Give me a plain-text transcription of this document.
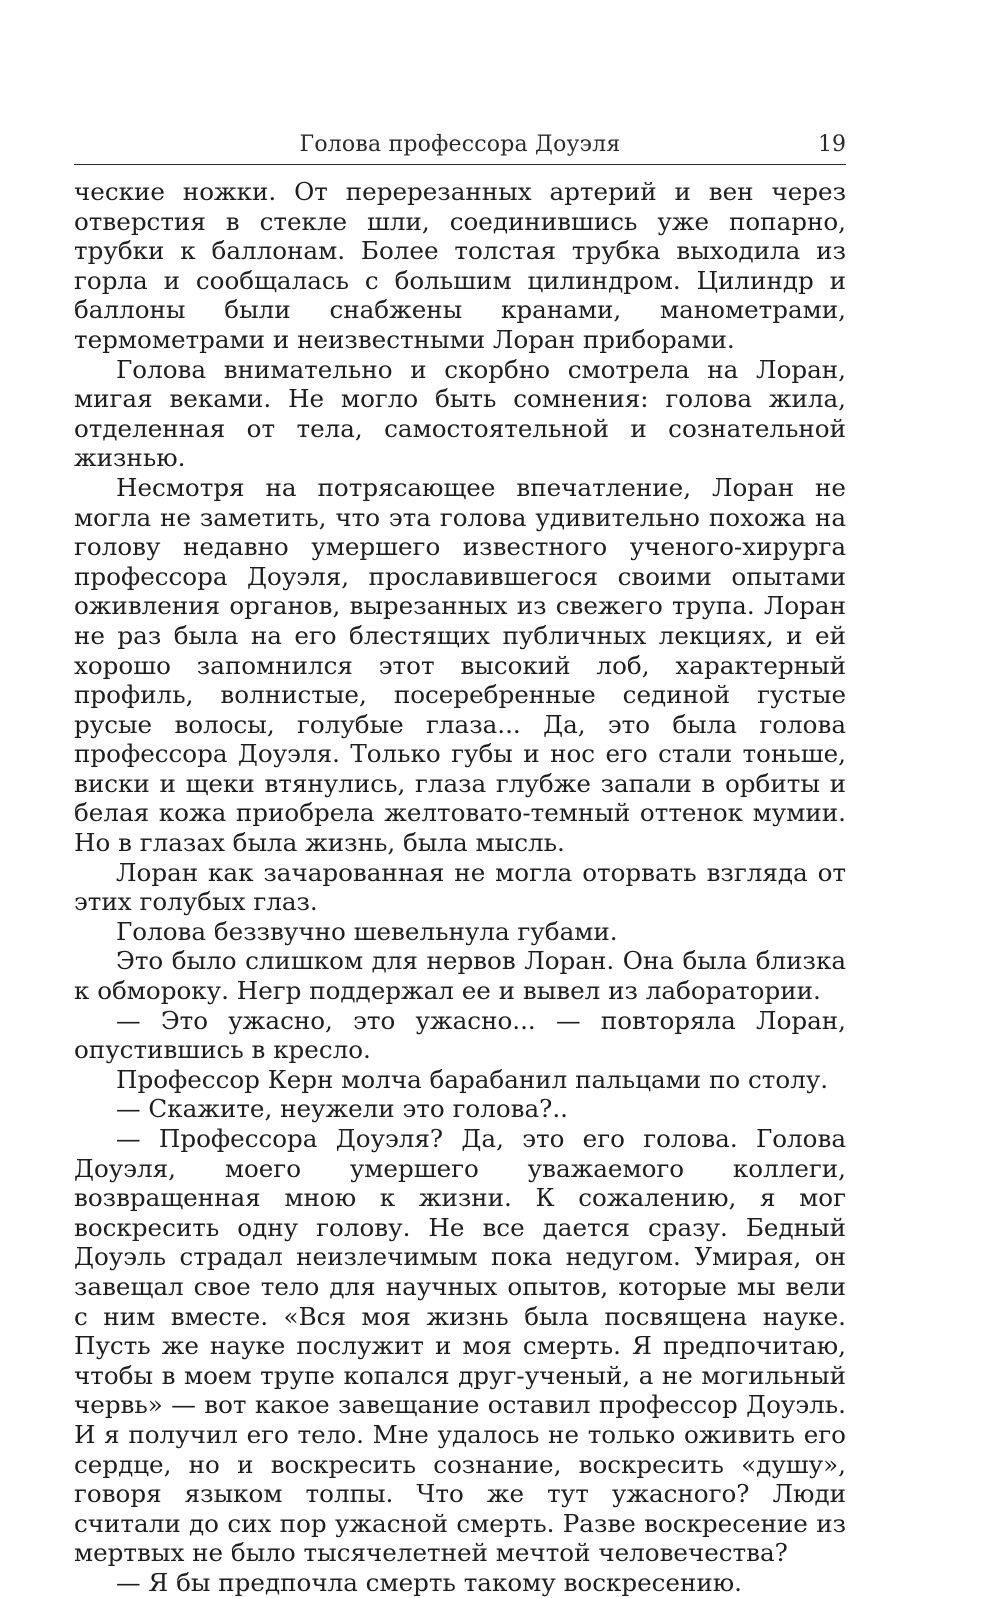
Голова профессора Доуэля	19

ческие ножки. От перерезанных артерий и вен через отверстия в стекле шли, соединившись уже попарно, трубки к баллонам. Более толстая трубка выходила из горла и сообщалась с большим цилиндром. Цилиндр и баллоны были снабжены кранами, манометрами, термометрами и неизвестными Лоран приборами.

Голова внимательно и скорбно смотрела на Лоран, мигая веками. Не могло быть сомнения: голова жила, отделенная от тела, самостоятельной и сознательной жизнью.

Несмотря на потрясающее впечатление, Лоран не могла не заметить, что эта голова удивительно похожа на голову недавно умершего известного ученого-хирурга профессора Доуэля, прославившегося своими опытами оживления органов, вырезанных из свежего трупа. Лоран не раз была на его блестящих публичных лекциях, и ей хорошо запомнился этот высокий лоб, характерный профиль, волнистые, посеребренные сединой густые русые волосы, голубые глаза... Да, это была голова профессора Доуэля. Только губы и нос его стали тоньше, виски и щеки втянулись, глаза глубже запали в орбиты и белая кожа приобрела желтовато-темный оттенок мумии. Но в глазах была жизнь, была мысль.

Лоран как зачарованная не могла оторвать взгляда от этих голубых глаз.

Голова беззвучно шевельнула губами.

Это было слишком для нервов Лоран. Она была близка к обмороку. Негр поддержал ее и вывел из лаборатории.

— Это ужасно, это ужасно... — повторяла Лоран, опустившись в кресло.

Профессор Керн молча барабанил пальцами по столу.

— Скажите, неужели это голова?..

— Профессора Доуэля? Да, это его голова. Голова Доуэля, моего умершего уважаемого коллеги, возвращенная мною к жизни. К сожалению, я мог воскресить одну голову. Не все дается сразу. Бедный Доуэль страдал неизлечимым пока недугом. Умирая, он завещал свое тело для научных опытов, которые мы вели с ним вместе. «Вся моя жизнь была посвящена науке. Пусть же науке послужит и моя смерть. Я предпочитаю, чтобы в моем трупе копался друг-ученый, а не могильный червь» — вот какое завещание оставил профессор Доуэль. И я получил его тело. Мне удалось не только оживить его сердце, но и воскресить сознание, воскресить «душу», говоря языком толпы. Что же тут ужасного? Люди считали до сих пор ужасной смерть. Разве воскресение из мертвых не было тысячелетней мечтой человечества?

— Я бы предпочла смерть такому воскресению.
